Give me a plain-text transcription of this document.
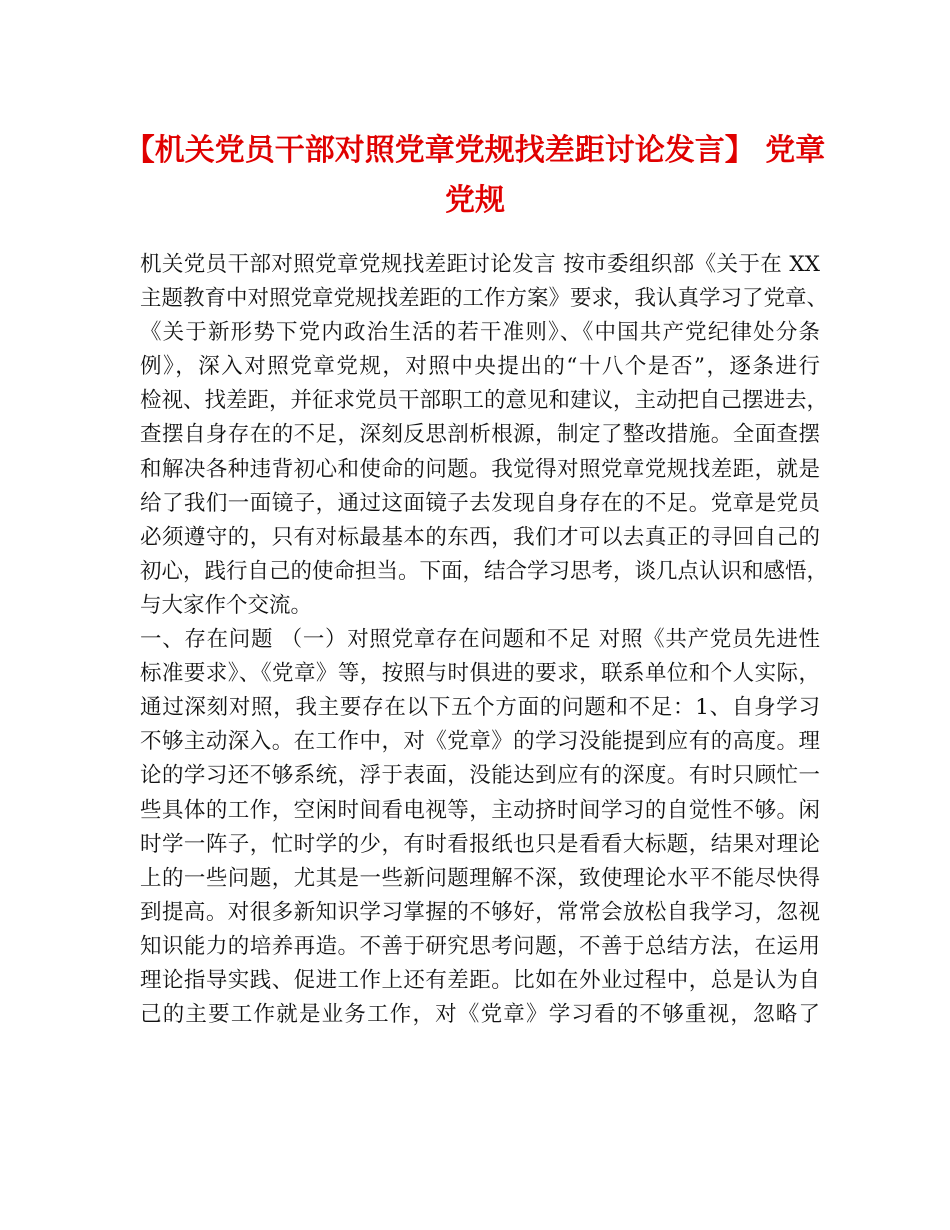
【机关党员干部对照党章党规找差距讨论发言】 党章
党规
机关党员干部对照党章党规找差距讨论发言 按市委组织部《关于在 XX
主题教育中对照党章党规找差距的工作方案》要求，我认真学习了党章、
《关于新形势下党内政治生活的若干准则》、《中国共产党纪律处分条
例》，深入对照党章党规，对照中央提出的“十八个是否”，逐条进行
检视、找差距，并征求党员干部职工的意见和建议，主动把自己摆进去，
查摆自身存在的不足，深刻反思剖析根源，制定了整改措施。全面查摆
和解决各种违背初心和使命的问题。我觉得对照党章党规找差距，就是
给了我们一面镜子，通过这面镜子去发现自身存在的不足。党章是党员
必须遵守的，只有对标最基本的东西，我们才可以去真正的寻回自己的
初心，践行自己的使命担当。下面，结合学习思考，谈几点认识和感悟，
与大家作个交流。
一、存在问题 （一）对照党章存在问题和不足 对照《共产党员先进性
标准要求》、《党章》等，按照与时俱进的要求，联系单位和个人实际，
通过深刻对照，我主要存在以下五个方面的问题和不足：1、自身学习
不够主动深入。在工作中，对《党章》的学习没能提到应有的高度。理
论的学习还不够系统，浮于表面，没能达到应有的深度。有时只顾忙一
些具体的工作，空闲时间看电视等，主动挤时间学习的自觉性不够。闲
时学一阵子，忙时学的少，有时看报纸也只是看看大标题，结果对理论
上的一些问题，尤其是一些新问题理解不深，致使理论水平不能尽快得
到提高。对很多新知识学习掌握的不够好，常常会放松自我学习，忽视
知识能力的培养再造。不善于研究思考问题，不善于总结方法，在运用
理论指导实践、促进工作上还有差距。比如在外业过程中，总是认为自
己的主要工作就是业务工作，对《党章》学习看的不够重视，忽略了
